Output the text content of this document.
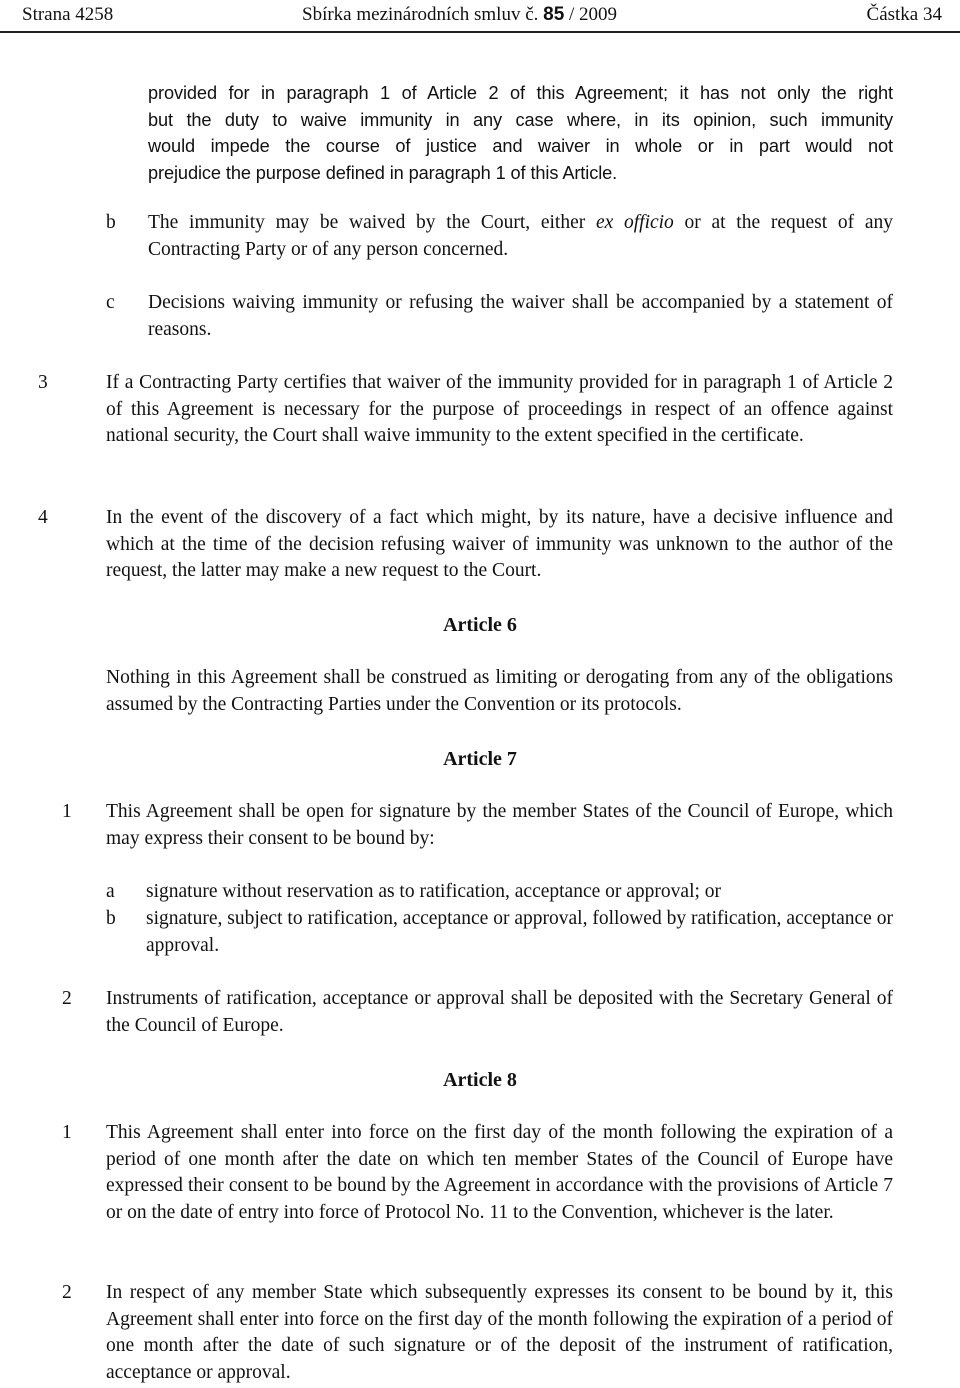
Strana 4258	Sbírka mezinárodních smluv č. 85 / 2009	Částka 34

provided for in paragraph 1 of Article 2 of this Agreement; it has not only the right

but the duty to waive immunity in any case where, in its opinion, such immunity

would impede the course of justice and waiver in whole or in part would not

prejudice the purpose defined in paragraph 1 of this Article.

b The immunity may be waived by the Court, either ex officio or at the request of any Contracting Party or of any person concerned.

c Decisions waiving immunity or refusing the waiver shall be accompanied by a statement of reasons.

3	If a Contracting Party certifies that waiver of the immunity provided for in paragraph 1 of Article 2 of this Agreement is necessary for the purpose of proceedings in respect of an offence against national security, the Court shall waive immunity to the extent specified in the certificate.

4	In the event of the discovery of a fact which might, by its nature, have a decisive influence and which at the time of the decision refusing waiver of immunity was unknown to the author of the request, the latter may make a new request to the Court.

Article 6

Nothing in this Agreement shall be construed as limiting or derogating from any of the obligations assumed by the Contracting Parties under the Convention or its protocols.

Article 7
1 This Agreement shall be open for signature by the member States of the Council of Europe, which may express their consent to be bound by:

a signature without reservation as to ratification, acceptance or approval; or

b signature, subject to ratification, acceptance or approval, followed by ratification, acceptance or approval.

2 Instruments of ratification, acceptance or approval shall be deposited with the Secretary General of the Council of Europe.

Article 8
1 This Agreement shall enter into force on the first day of the month following the expiration of a period of one month after the date on which ten member States of the Council of Europe have expressed their consent to be bound by the Agreement in accordance with the provisions of Article 7 or on the date of entry into force of Protocol No. 11 to the Convention, whichever is the later.

2 In respect of any member State which subsequently expresses its consent to be bound by it, this Agreement shall enter into force on the first day of the month following the expiration of a period of one month after the date of such signature or of the deposit of the instrument of ratification, acceptance or approval.
